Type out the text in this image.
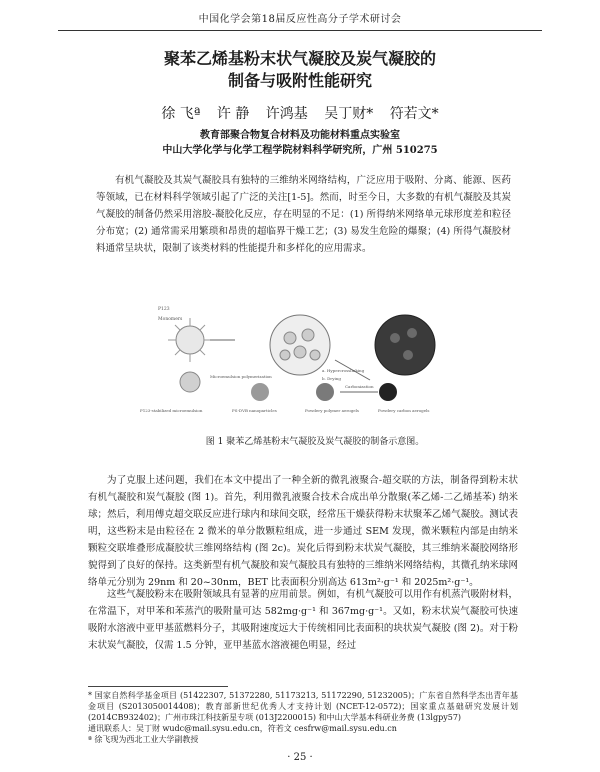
中国化学会第18届反应性高分子学术研讨会
聚苯乙烯基粉末状气凝胶及炭气凝胶的
制备与吸附性能研究
徐 飞ª 许 静 许鸿基 吴丁财* 符若文*
教育部聚合物复合材料及功能材料重点实验室
中山大学化学与化学工程学院材料科学研究所，广州 510275
有机气凝胶及其炭气凝胶具有独特的三维纳米网络结构，广泛应用于吸附、分离、能源、医药等领域，已在材料科学领域引起了广泛的关注[1-5]。然而，时至今日，大多数的有机气凝胶及其炭气凝胶的制备仍然采用溶胶-凝胶化反应，存在明显的不足：(1) 所得纳米网络单元球形度差和粒径分布宽；(2) 通常需采用繁琐和昂贵的超临界干燥工艺；(3) 易发生危险的爆聚；(4) 所得气凝胶材料通常呈块状，限制了该类材料的性能提升和多样化的应用需求。
P123
Monomers
Microemulsion polymerization
a. Hypercrosslinking
b. Drying
Carbonization
P123-stabilized microemulsion	PS-DVB nanoparticles	Powdery polymer aerogels	Powdery carbon aerogels
图 1 聚苯乙烯基粉末气凝胶及炭气凝胶的制备示意图。
为了克服上述问题，我们在本文中提出了一种全新的微乳液聚合-超交联的方法，制备得到粉末状有机气凝胶和炭气凝胶 (图 1)。首先，利用微乳液聚合技术合成出单分散聚(苯乙烯-二乙烯基苯) 纳米球；然后，利用傅克超交联反应进行球内和球间交联，经常压干燥获得粉末状聚苯乙烯气凝胶。测试表明，这些粉末是由粒径在 2 微米的单分散颗粒组成，进一步通过 SEM 发现，微米颗粒内部是由纳米颗粒交联堆叠形成凝胶状三维网络结构 (图 2c)。炭化后得到粉末状炭气凝胶，其三维纳米凝胶网络形貌得到了良好的保持。这类新型有机气凝胶和炭气凝胶具有独特的三维纳米网络结构，其微孔纳米球网络单元分别为 29nm 和 20~30nm，BET 比表面积分别高达 613m²·g⁻¹ 和 2025m²·g⁻¹。
这些气凝胶粉末在吸附领域具有显著的应用前景。例如，有机气凝胶可以用作有机蒸汽吸附材料，在常温下，对甲苯和苯蒸汽的吸附量可达 582mg·g⁻¹ 和 367mg·g⁻¹。又如，粉末状炭气凝胶可快速吸附水溶液中亚甲基蓝燃料分子，其吸附速度远大于传统相同比表面积的块状炭气凝胶 (图 2)。对于粉末状炭气凝胶，仅需 1.5 分钟，亚甲基蓝水溶液褪色明显，经过
* 国家自然科学基金项目 (51422307, 51372280, 51173213, 51172290, 51232005)；广东省自然科学杰出青年基金项目 (S2013050014408)；教育部新世纪优秀人才支持计划 (NCET-12-0572)；国家重点基础研究发展计划 (2014CB932402)；广州市珠江科技新星专项 (013J2200015) 和中山大学基本科研业务费 (13lgpy57)
通讯联系人：吴丁财 wudc@mail.sysu.edu.cn，符若文 cesfrw@mail.sysu.edu.cn
ª 徐飞现为西北工业大学副教授
· 25 ·
